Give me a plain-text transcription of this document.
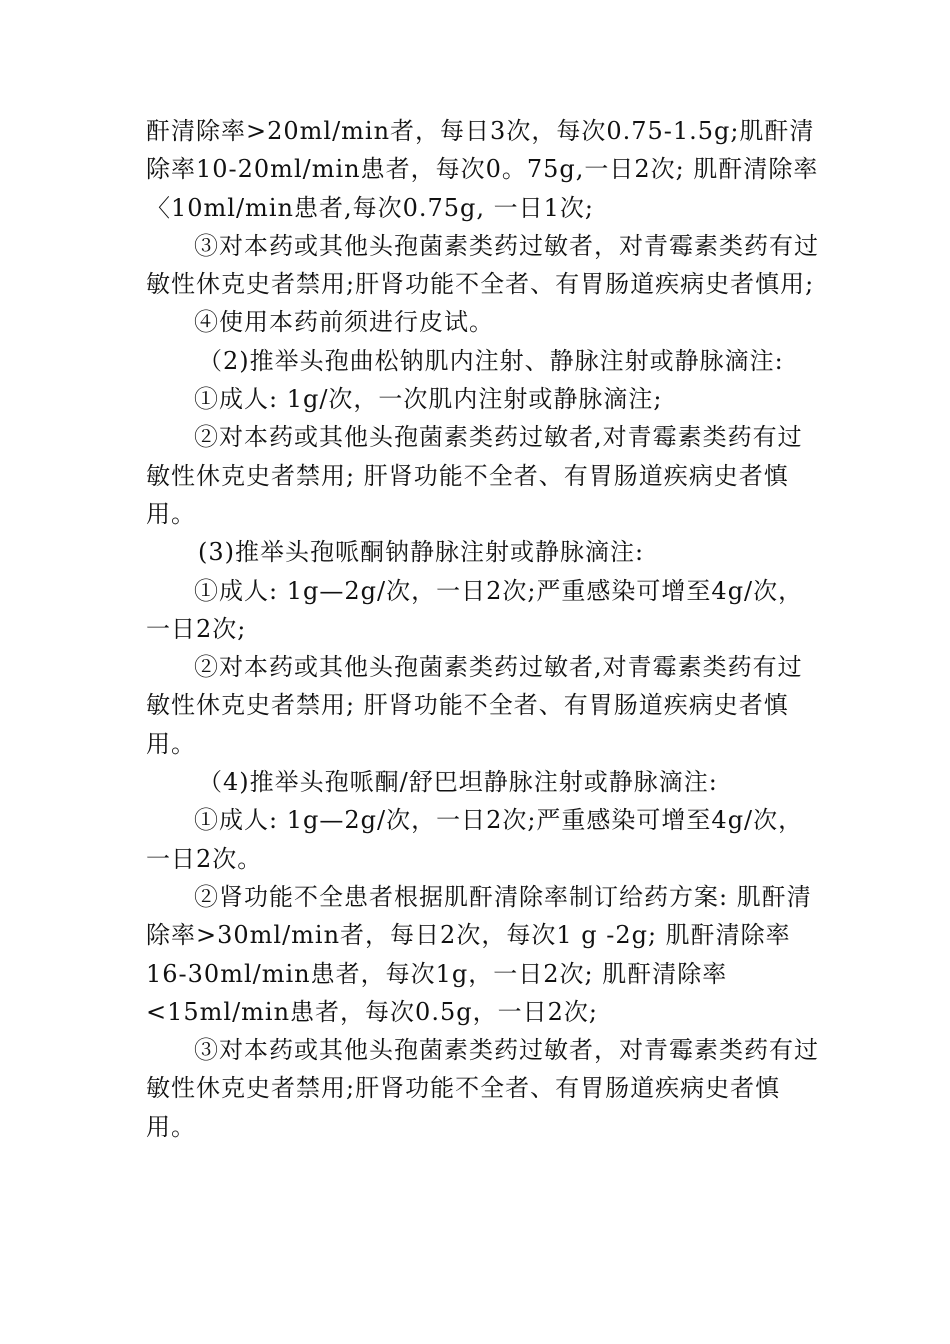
酐清除率>20ml/min者，每日3次，每次0.75-1.5g;肌酐清除率10-20ml/min患者，每次0。75g,一日2次; 肌酐清除率〈10ml/min患者,每次0.75g, 一日1次;

③对本药或其他头孢菌素类药过敏者，对青霉素类药有过敏性休克史者禁用;肝肾功能不全者、有胃肠道疾病史者慎用;

④使用本药前须进行皮试。

（2)推举头孢曲松钠肌内注射、静脉注射或静脉滴注:

①成人: 1g/次，一次肌内注射或静脉滴注;

②对本药或其他头孢菌素类药过敏者,对青霉素类药有过敏性休克史者禁用; 肝肾功能不全者、有胃肠道疾病史者慎用。

(3)推举头孢哌酮钠静脉注射或静脉滴注:

①成人: 1g—2g/次，一日2次;严重感染可增至4g/次，一日2次;

②对本药或其他头孢菌素类药过敏者,对青霉素类药有过敏性休克史者禁用; 肝肾功能不全者、有胃肠道疾病史者慎用。

（4)推举头孢哌酮/舒巴坦静脉注射或静脉滴注:

①成人: 1g—2g/次，一日2次;严重感染可增至4g/次，一日2次。

②肾功能不全患者根据肌酐清除率制订给药方案: 肌酐清除率>30ml/min者，每日2次，每次1 g -2g; 肌酐清除率16-30ml/min患者，每次1g，一日2次; 肌酐清除率<15ml/min患者，每次0.5g，一日2次;

③对本药或其他头孢菌素类药过敏者，对青霉素类药有过敏性休克史者禁用;肝肾功能不全者、有胃肠道疾病史者慎用。
